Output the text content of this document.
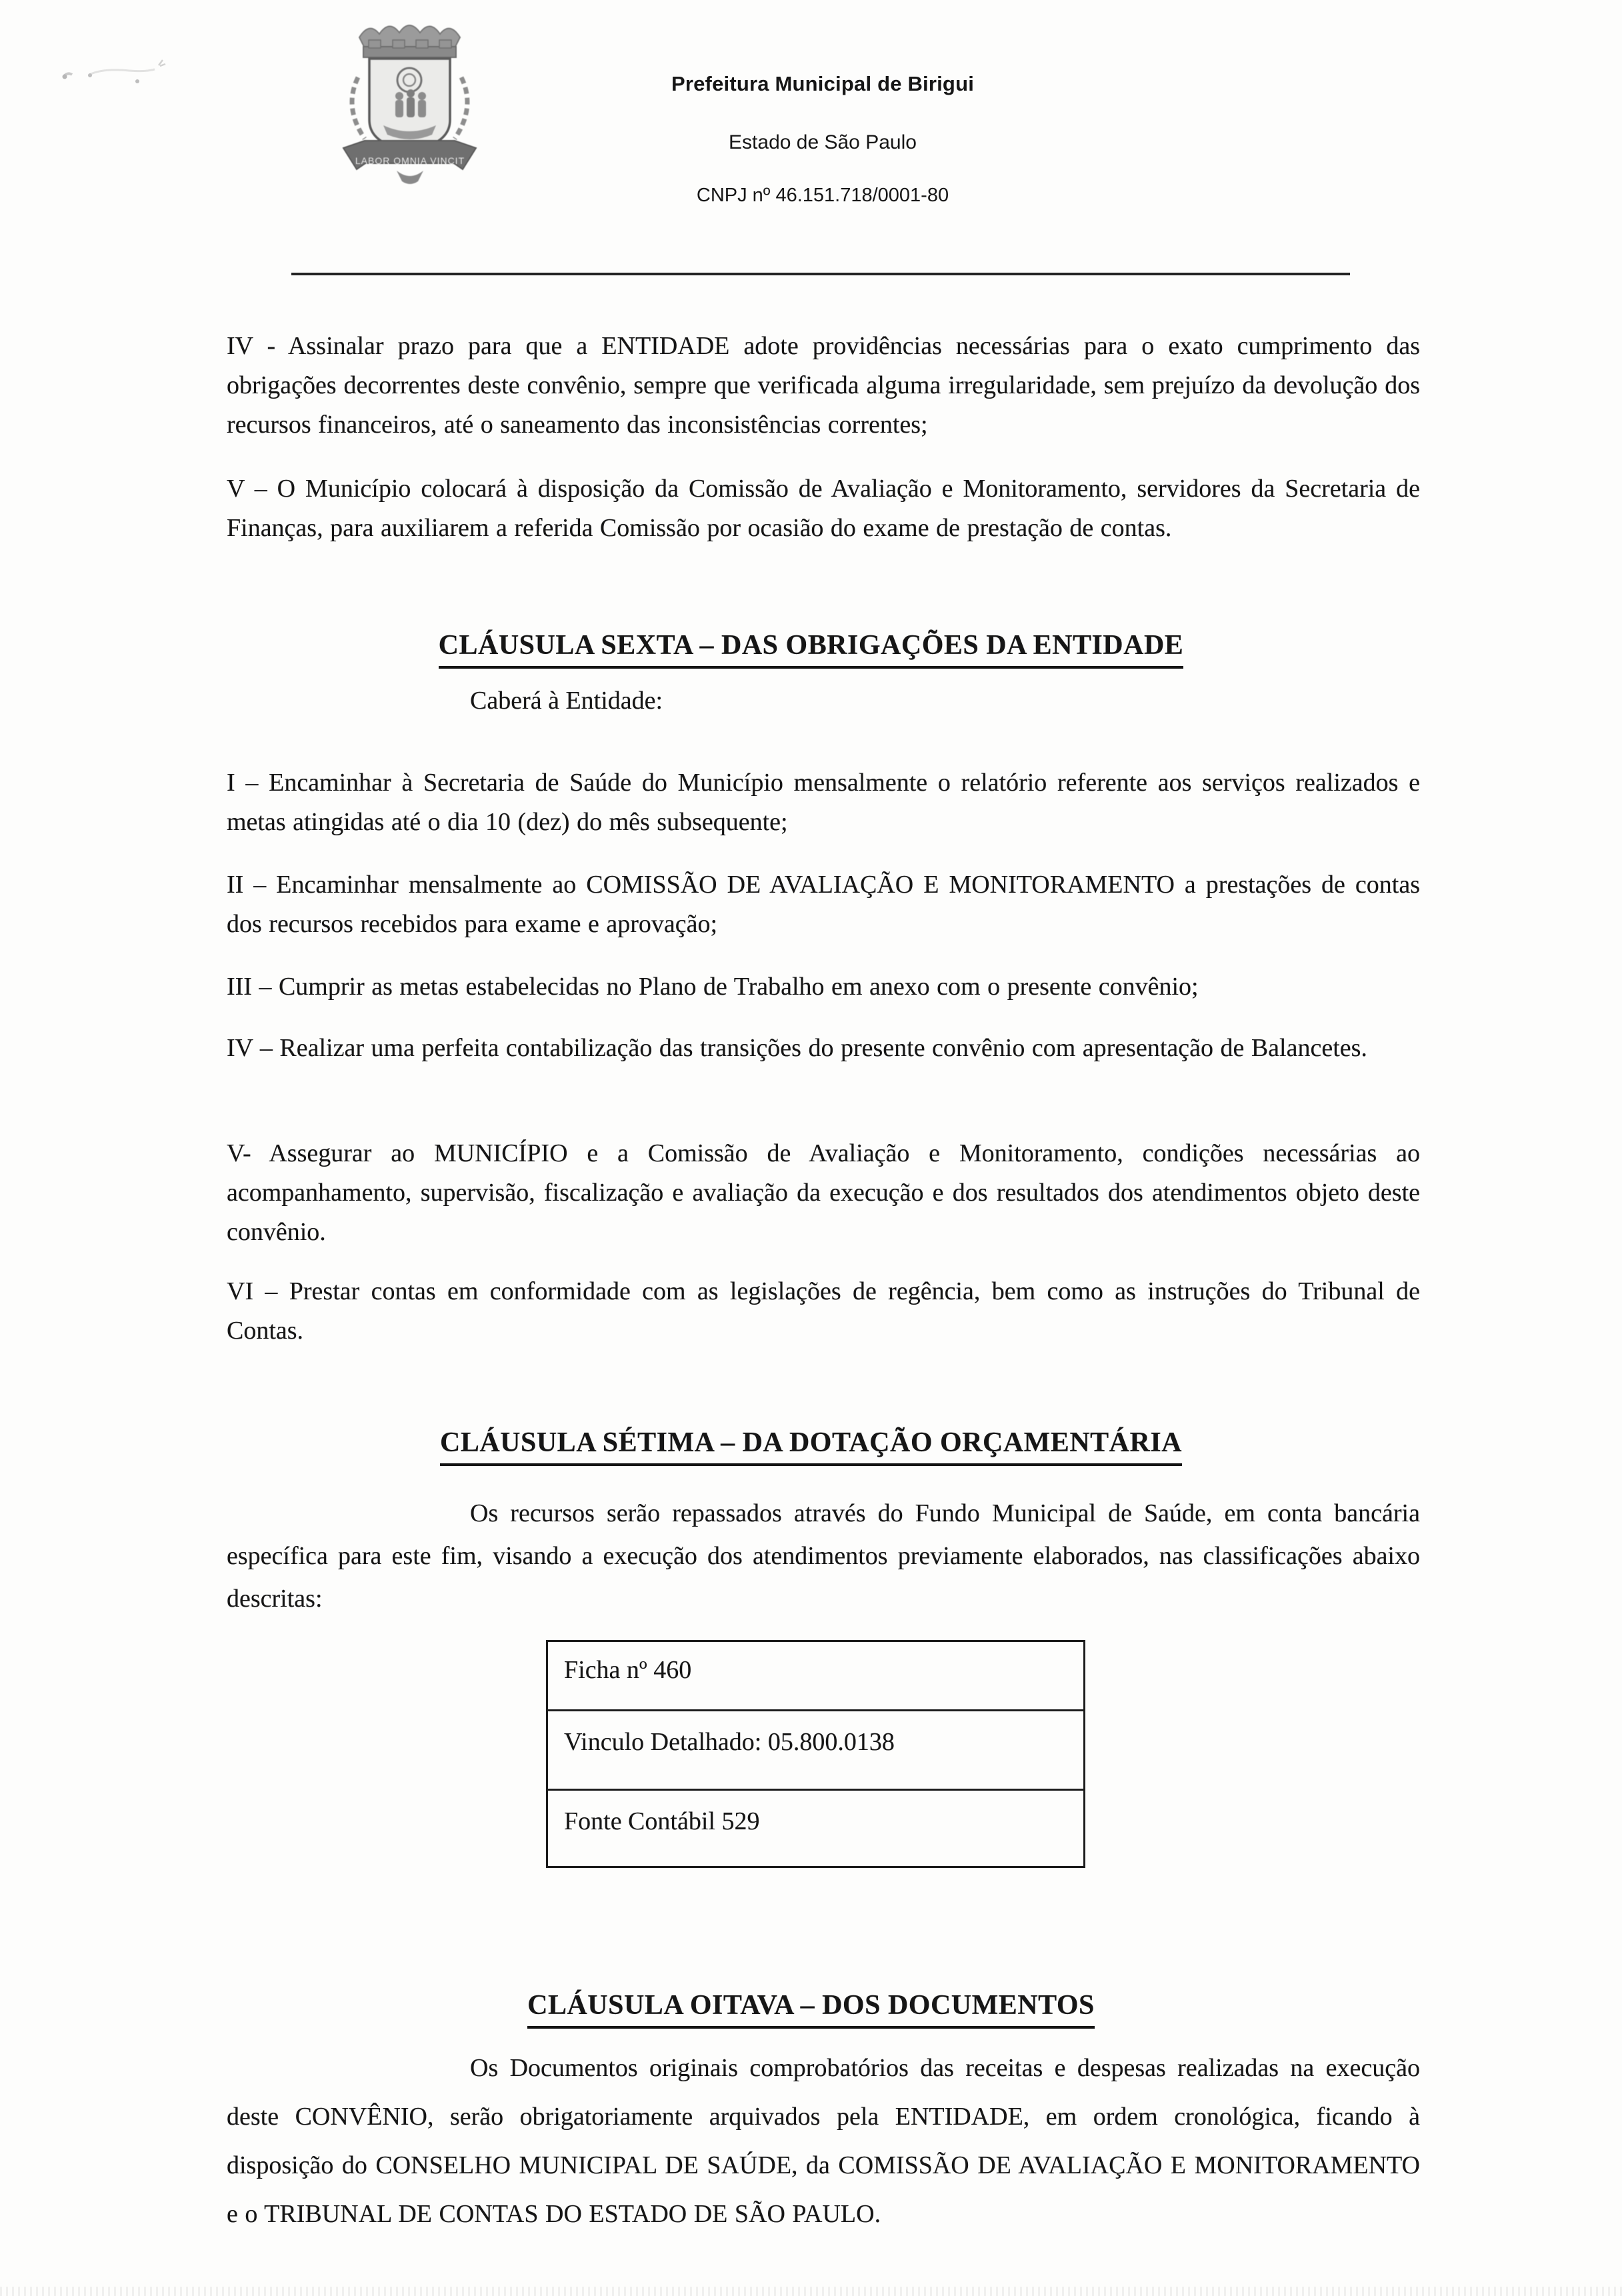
LABOR OMNIA VINCIT
Prefeitura Municipal de Birigui
Estado de São Paulo
CNPJ nº 46.151.718/0001-80
IV - Assinalar prazo para que a ENTIDADE adote providências necessárias para o exato cumprimento das obrigações decorrentes deste convênio, sempre que verificada alguma irregularidade, sem prejuízo da devolução dos recursos financeiros, até o saneamento das inconsistências correntes;
V – O Município colocará à disposição da Comissão de Avaliação e Monitoramento, servidores da Secretaria de Finanças, para auxiliarem a referida Comissão por ocasião do exame de prestação de contas.
CLÁUSULA SEXTA – DAS OBRIGAÇÕES DA ENTIDADE
Caberá à Entidade:
I – Encaminhar à Secretaria de Saúde do Município mensalmente o relatório referente aos serviços realizados e metas atingidas até o dia 10 (dez) do mês subsequente;
II – Encaminhar mensalmente ao COMISSÃO DE AVALIAÇÃO E MONITORAMENTO a prestações de contas dos recursos recebidos para exame e aprovação;
III – Cumprir as metas estabelecidas no Plano de Trabalho em anexo com o presente convênio;
IV – Realizar uma perfeita contabilização das transições do presente convênio com apresentação de Balancetes.
V- Assegurar ao MUNICÍPIO e a Comissão de Avaliação e Monitoramento, condições necessárias ao acompanhamento, supervisão, fiscalização e avaliação da execução e dos resultados dos atendimentos objeto deste convênio.
VI – Prestar contas em conformidade com as legislações de regência, bem como as instruções do Tribunal de Contas.
CLÁUSULA SÉTIMA – DA DOTAÇÃO ORÇAMENTÁRIA
Os recursos serão repassados através do Fundo Municipal de Saúde, em conta bancária específica para este fim, visando a execução dos atendimentos previamente elaborados, nas classificações abaixo descritas:
Ficha nº 460
Vinculo Detalhado: 05.800.0138
Fonte Contábil 529
CLÁUSULA OITAVA – DOS DOCUMENTOS
Os Documentos originais comprobatórios das receitas e despesas realizadas na execução deste CONVÊNIO, serão obrigatoriamente arquivados pela ENTIDADE, em ordem cronológica, ficando à disposição do CONSELHO MUNICIPAL DE SAÚDE, da COMISSÃO DE AVALIAÇÃO E MONITORAMENTO e o TRIBUNAL DE CONTAS DO ESTADO DE SÃO PAULO.
